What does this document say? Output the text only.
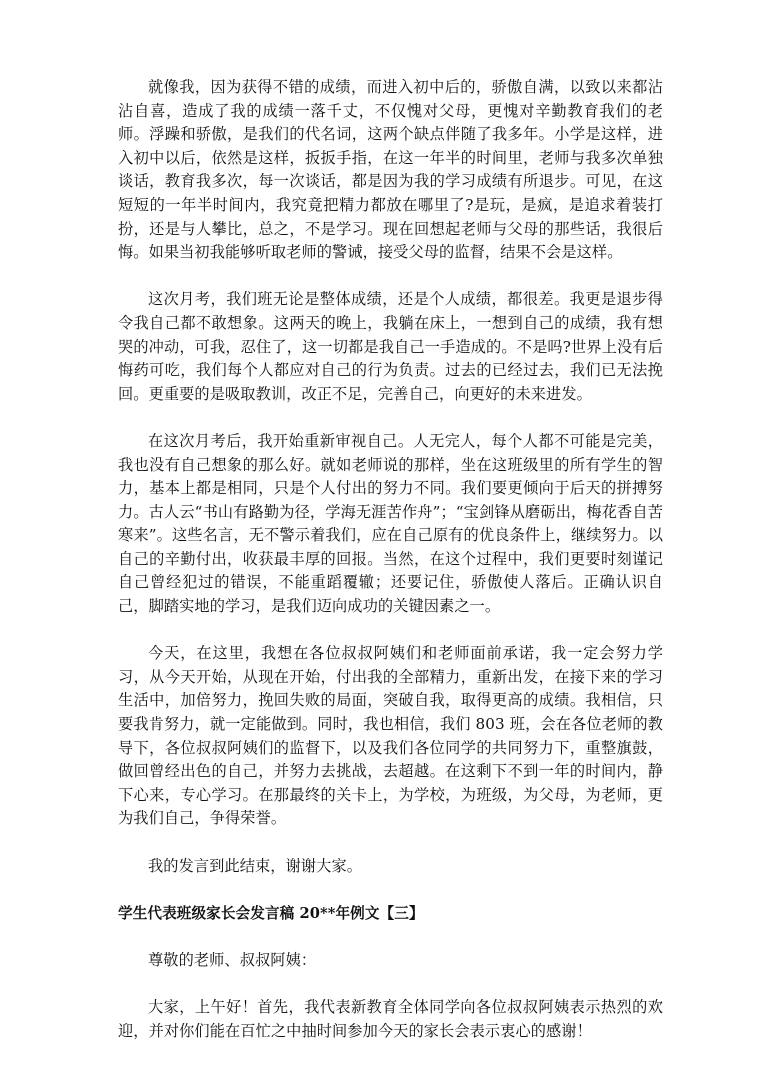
就像我，因为获得不错的成绩，而进入初中后的，骄傲自满，以致以来都沾沾自喜，造成了我的成绩一落千丈，不仅愧对父母，更愧对辛勤教育我们的老师。浮躁和骄傲，是我们的代名词，这两个缺点伴随了我多年。小学是这样，进入初中以后，依然是这样，扳扳手指，在这一年半的时间里，老师与我多次单独谈话，教育我多次，每一次谈话，都是因为我的学习成绩有所退步。可见，在这短短的一年半时间内，我究竟把精力都放在哪里了?是玩，是疯，是追求着装打扮，还是与人攀比，总之，不是学习。现在回想起老师与父母的那些话，我很后悔。如果当初我能够听取老师的警诫，接受父母的监督，结果不会是这样。

这次月考，我们班无论是整体成绩，还是个人成绩，都很差。我更是退步得令我自己都不敢想象。这两天的晚上，我躺在床上，一想到自己的成绩，我有想哭的冲动，可我，忍住了，这一切都是我自己一手造成的。不是吗?世界上没有后悔药可吃，我们每个人都应对自己的行为负责。过去的已经过去，我们已无法挽回。更重要的是吸取教训，改正不足，完善自己，向更好的未来进发。

在这次月考后，我开始重新审视自己。人无完人，每个人都不可能是完美，我也没有自己想象的那么好。就如老师说的那样，坐在这班级里的所有学生的智力，基本上都是相同，只是个人付出的努力不同。我们要更倾向于后天的拼搏努力。古人云“书山有路勤为径，学海无涯苦作舟”；“宝剑锋从磨砺出，梅花香自苦寒来”。这些名言，无不警示着我们，应在自己原有的优良条件上，继续努力。以自己的辛勤付出，收获最丰厚的回报。当然，在这个过程中，我们更要时刻谨记自己曾经犯过的错误，不能重蹈覆辙；还要记住，骄傲使人落后。正确认识自己，脚踏实地的学习，是我们迈向成功的关键因素之一。

今天，在这里，我想在各位叔叔阿姨们和老师面前承诺，我一定会努力学习，从今天开始，从现在开始，付出我的全部精力，重新出发，在接下来的学习生活中，加倍努力，挽回失败的局面，突破自我，取得更高的成绩。我相信，只要我肯努力，就一定能做到。同时，我也相信，我们 803 班，会在各位老师的教导下，各位叔叔阿姨们的监督下，以及我们各位同学的共同努力下，重整旗鼓，做回曾经出色的自己，并努力去挑战，去超越。在这剩下不到一年的时间内，静下心来，专心学习。在那最终的关卡上，为学校，为班级，为父母，为老师，更为我们自己，争得荣誉。

我的发言到此结束，谢谢大家。

学生代表班级家长会发言稿 20**年例文【三】

尊敬的老师、叔叔阿姨：

大家，上午好！首先，我代表新教育全体同学向各位叔叔阿姨表示热烈的欢迎，并对你们能在百忙之中抽时间参加今天的家长会表示衷心的感谢！
